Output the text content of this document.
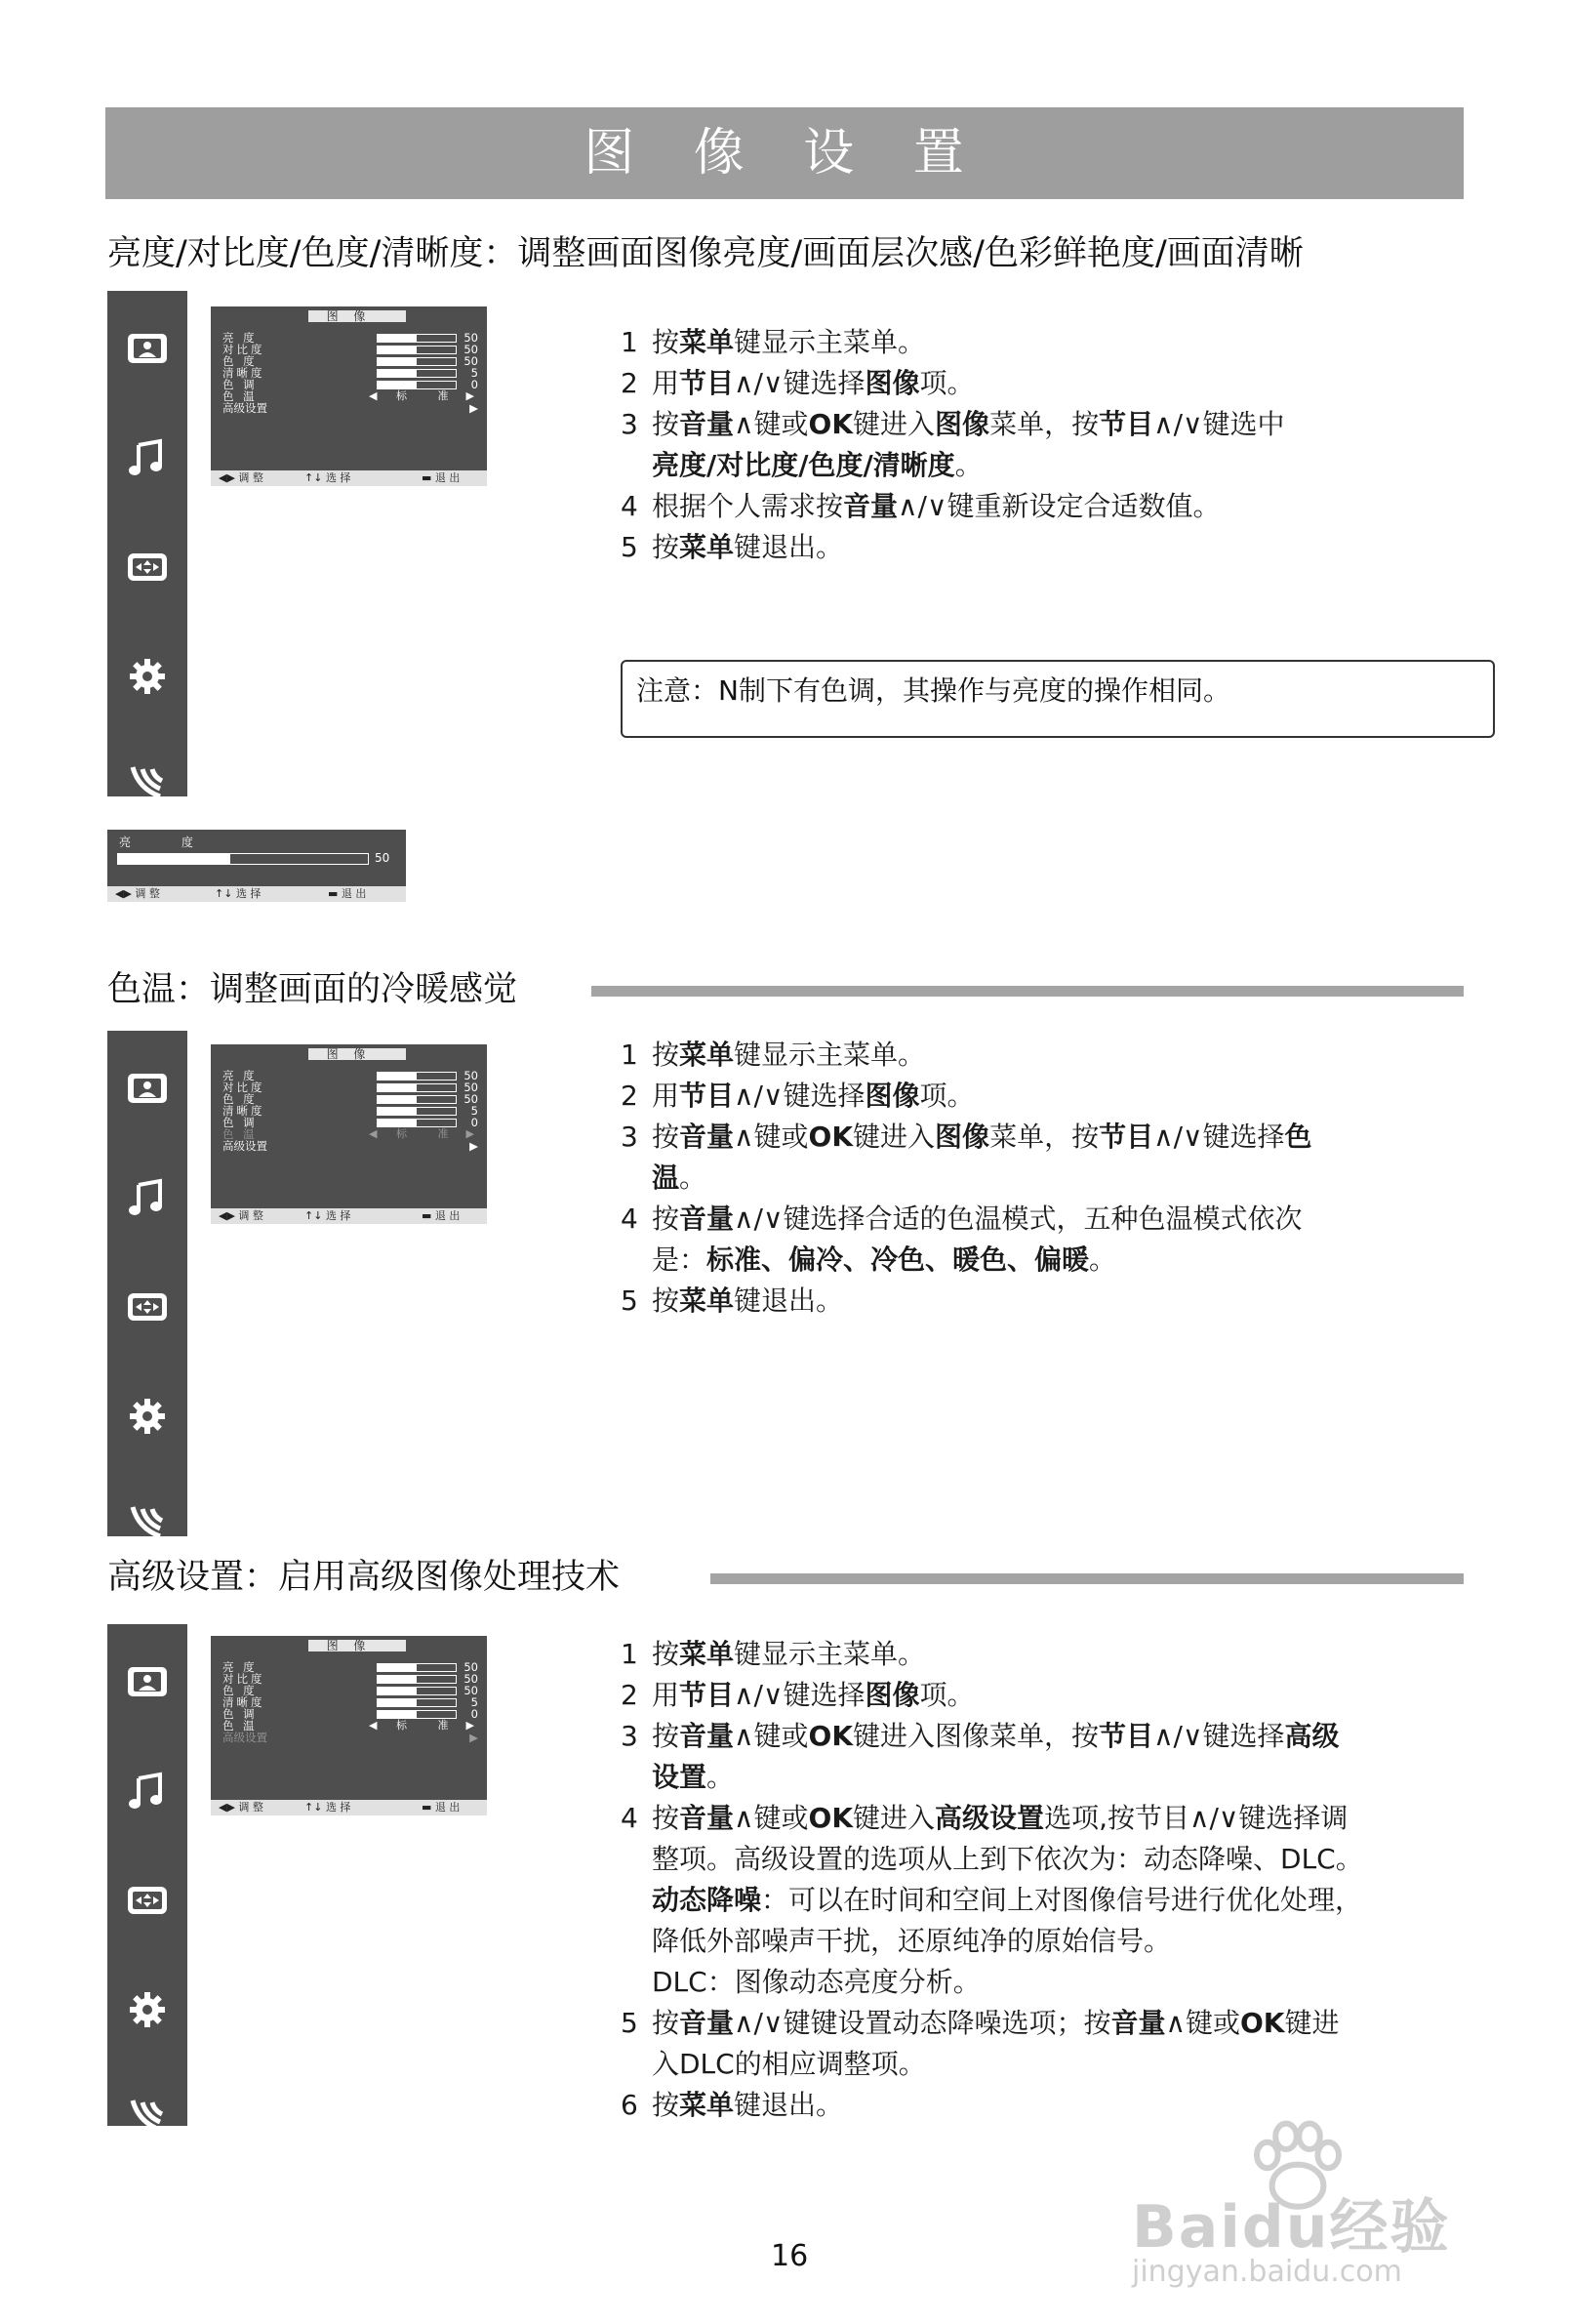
图 像 设 置
亮度/对比度/色度/清晰度：调整画面图像亮度/画面层次感/色彩鲜艳度/画面清晰
图 像
亮 度	50
对比度	50
色 度	50
清晰度	5
色 调	0
色 温	◀ 标 准 ▶
高级设置	▶
◀▶ 调 整	↑↓ 选 择	▬ 退 出

1 按菜单键显示主菜单。

2 用节目∧/∨键选择图像项。

3 按音量∧键或OK键进入图像菜单，按节目∧/∨键选中

亮度/对比度/色度/清晰度。

4 根据个人需求按音量∧/∨键重新设定合适数值。

5 按菜单键退出。

注意：N制下有色调，其操作与亮度的操作相同。
亮 度
50
◀▶ 调 整	↑↓ 选 择	▬ 退 出
色温：调整画面的冷暖感觉
图 像
亮 度	50
对比度	50
色 度	50
清晰度	5
色 调	0
色 温	◀ 标 准 ▶
高级设置	▶
◀▶ 调 整	↑↓ 选 择	▬ 退 出

1 按菜单键显示主菜单。

2 用节目∧/∨键选择图像项。

3 按音量∧键或OK键进入图像菜单，按节目∧/∨键选择色

温。

4 按音量∧/∨键选择合适的色温模式，五种色温模式依次

是：标准、偏冷、冷色、暖色、偏暖。

5 按菜单键退出。

高级设置：启用高级图像处理技术
图 像
亮 度	50
对比度	50
色 度	50
清晰度	5
色 调	0
色 温	◀ 标 准 ▶
高级设置	▶
◀▶ 调 整	↑↓ 选 择	▬ 退 出

1 按菜单键显示主菜单。

2 用节目∧/∨键选择图像项。

3 按音量∧键或OK键进入图像菜单，按节目∧/∨键选择高级

设置。

4 按音量∧键或OK键进入高级设置选项,按节目∧/∨键选择调

整项。高级设置的选项从上到下依次为：动态降噪、DLC。

动态降噪：可以在时间和空间上对图像信号进行优化处理，

降低外部噪声干扰，还原纯净的原始信号。

DLC：图像动态亮度分析。

5 按音量∧/∨键键设置动态降噪选项；按音量∧键或OK键进

入DLC的相应调整项。

6 按菜单键退出。

16	Baidu经验
jingyan.baidu.com
